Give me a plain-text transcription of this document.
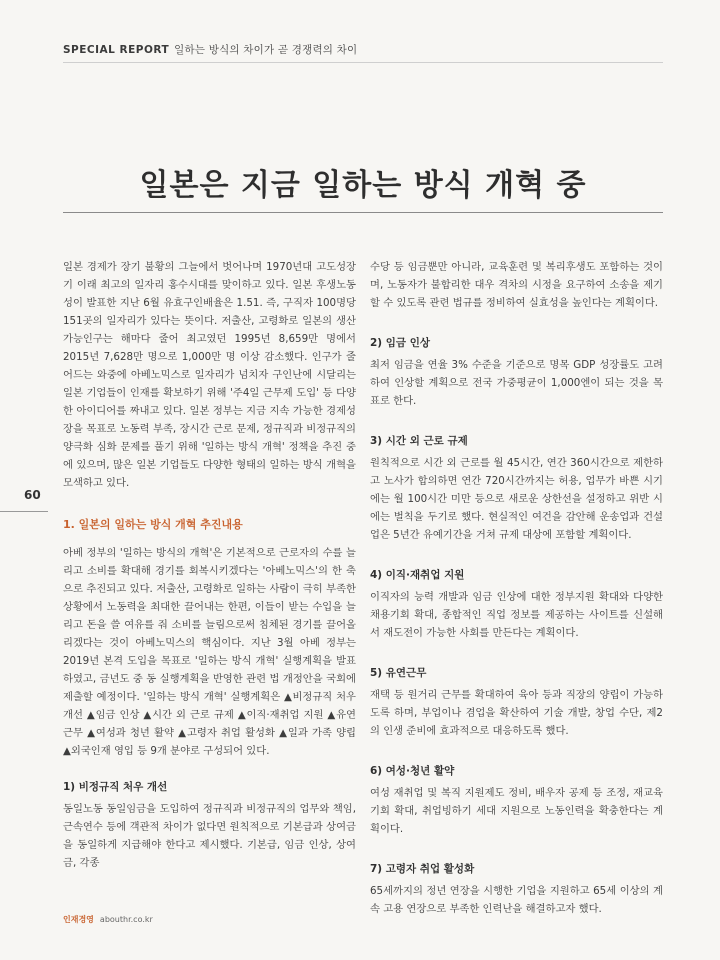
SPECIAL REPORT 일하는 방식의 차이가 곧 경쟁력의 차이
일본은 지금 일하는 방식 개혁 중
60

일본 경제가 장기 불황의 그늘에서 벗어나며 1970년대 고도성장기 이래 최고의 일자리 홍수시대를 맞이하고 있다. 일본 후생노동성이 발표한 지난 6월 유효구인배율은 1.51. 즉, 구직자 100명당 151곳의 일자리가 있다는 뜻이다. 저출산, 고령화로 일본의 생산가능인구는 해마다 줄어 최고였던 1995년 8,659만 명에서 2015년 7,628만 명으로 1,000만 명 이상 감소했다. 인구가 줄어드는 와중에 아베노믹스로 일자리가 넘치자 구인난에 시달리는 일본 기업들이 인재를 확보하기 위해 '주4일 근무제 도입' 등 다양한 아이디어를 짜내고 있다. 일본 정부는 지금 지속 가능한 경제성장을 목표로 노동력 부족, 장시간 근로 문제, 정규직과 비정규직의 양극화 심화 문제를 풀기 위해 '일하는 방식 개혁' 정책을 추진 중에 있으며, 많은 일본 기업들도 다양한 형태의 일하는 방식 개혁을 모색하고 있다.

1. 일본의 일하는 방식 개혁 추진내용

아베 정부의 '일하는 방식의 개혁'은 기본적으로 근로자의 수를 늘리고 소비를 확대해 경기를 회복시키겠다는 '아베노믹스'의 한 축으로 추진되고 있다. 저출산, 고령화로 일하는 사람이 극히 부족한 상황에서 노동력을 최대한 끌어내는 한편, 이들이 받는 수입을 늘리고 돈을 쓸 여유를 줘 소비를 늘림으로써 침체된 경기를 끌어올리겠다는 것이 아베노믹스의 핵심이다. 지난 3월 아베 정부는 2019년 본격 도입을 목표로 '일하는 방식 개혁' 실행계획을 발표하였고, 금년도 중 동 실행계획을 반영한 관련 법 개정안을 국회에 제출할 예정이다. '일하는 방식 개혁' 실행계획은 ▲비정규직 처우 개선 ▲임금 인상 ▲시간 외 근로 규제 ▲이직·재취업 지원 ▲유연근무 ▲여성과 청년 활약 ▲고령자 취업 활성화 ▲일과 가족 양립 ▲외국인재 영입 등 9개 분야로 구성되어 있다.

1) 비정규직 처우 개선

동일노동 동일임금을 도입하여 정규직과 비정규직의 업무와 책임, 근속연수 등에 객관적 차이가 없다면 원칙적으로 기본급과 상여금을 동일하게 지급해야 한다고 제시했다. 기본급, 임금 인상, 상여금, 각종

수당 등 임금뿐만 아니라, 교육훈련 및 복리후생도 포함하는 것이며, 노동자가 불합리한 대우 격차의 시정을 요구하여 소송을 제기할 수 있도록 관련 법규를 정비하여 실효성을 높인다는 계획이다.

2) 임금 인상

최저 임금을 연율 3% 수준을 기준으로 명목 GDP 성장률도 고려하여 인상할 계획으로 전국 가중평균이 1,000엔이 되는 것을 목표로 한다.

3) 시간 외 근로 규제

원칙적으로 시간 외 근로를 월 45시간, 연간 360시간으로 제한하고 노사가 합의하면 연간 720시간까지는 허용, 업무가 바쁜 시기에는 월 100시간 미만 등으로 새로운 상한선을 설정하고 위반 시에는 벌칙을 두기로 했다. 현실적인 여건을 감안해 운송업과 건설업은 5년간 유예기간을 거쳐 규제 대상에 포함할 계획이다.

4) 이직·재취업 지원

이직자의 능력 개발과 임금 인상에 대한 정부지원 확대와 다양한 채용기회 확대, 종합적인 직업 정보를 제공하는 사이트를 신설해서 재도전이 가능한 사회를 만든다는 계획이다.

5) 유연근무

재택 등 원거리 근무를 확대하여 육아 등과 직장의 양립이 가능하도록 하며, 부업이나 겸업을 확산하여 기술 개발, 창업 수단, 제2의 인생 준비에 효과적으로 대응하도록 했다.

6) 여성·청년 활약

여성 재취업 및 복직 지원제도 정비, 배우자 공제 등 조정, 재교육 기회 확대, 취업빙하기 세대 지원으로 노동인력을 확충한다는 계획이다.

7) 고령자 취업 활성화

65세까지의 정년 연장을 시행한 기업을 지원하고 65세 이상의 계속 고용 연장으로 부족한 인력난을 해결하고자 했다.

인재경영 abouthr.co.kr
